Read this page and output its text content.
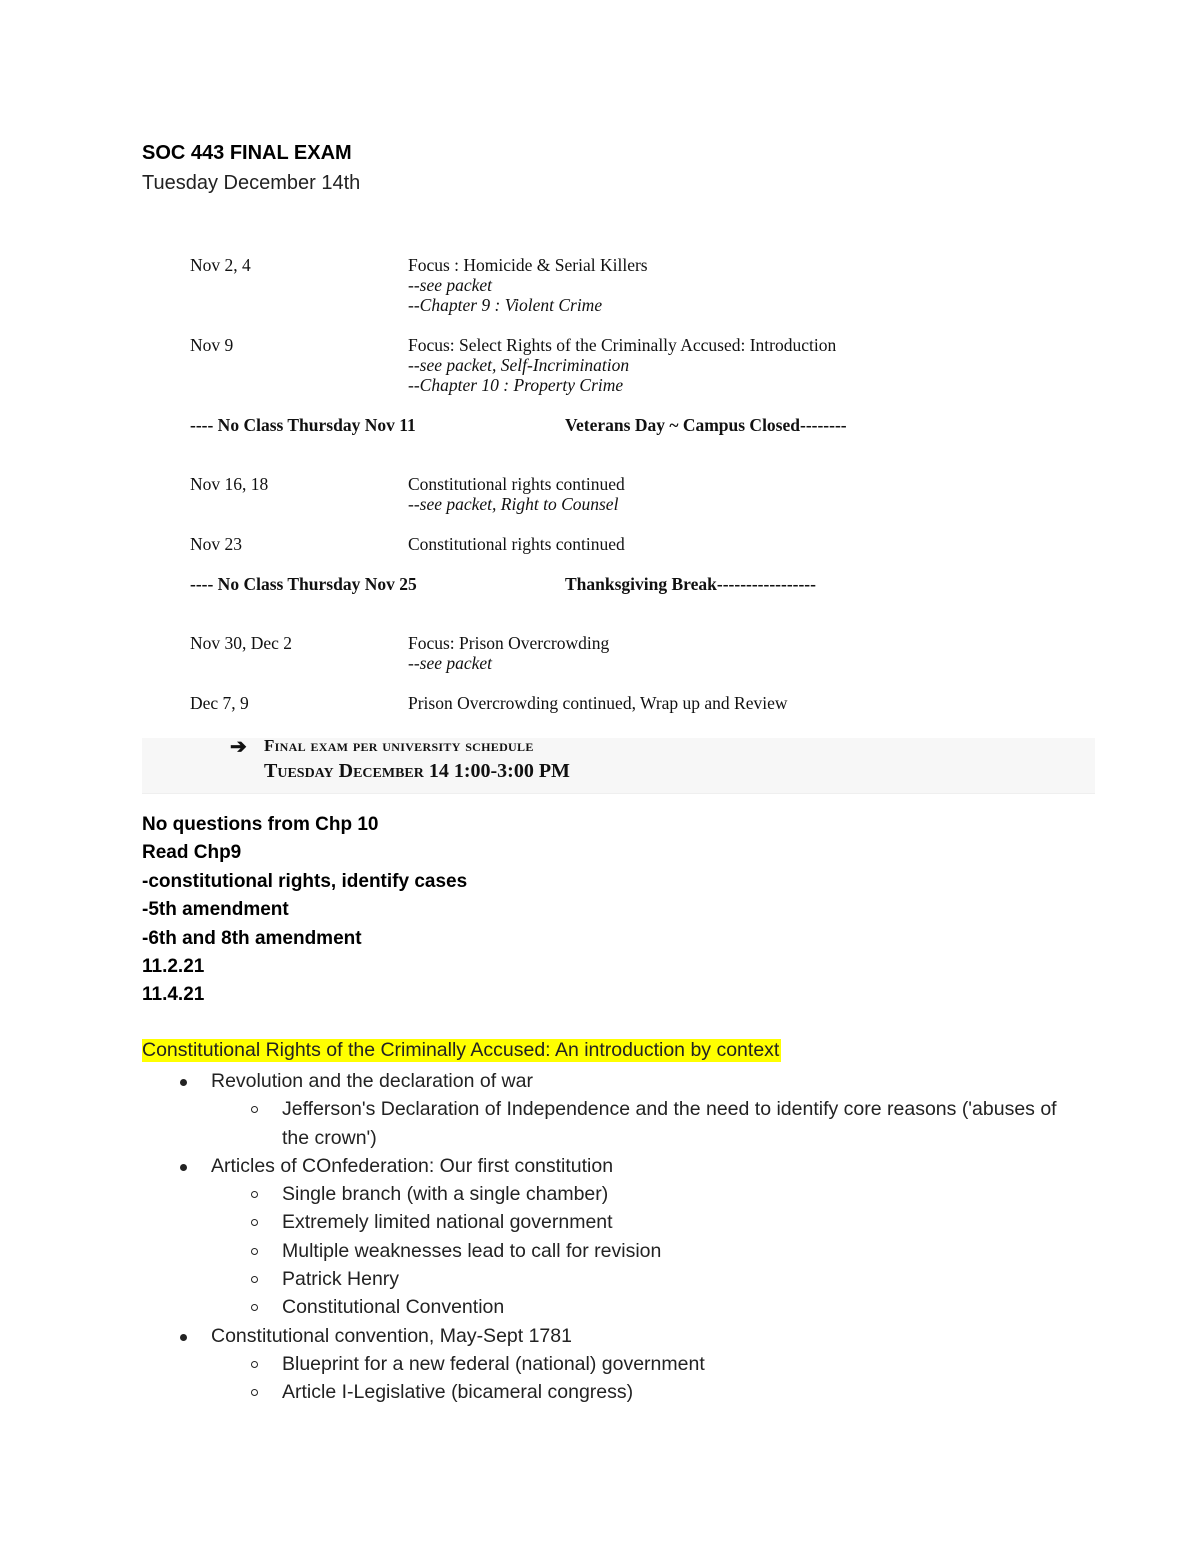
SOC 443 FINAL EXAM
Tuesday December 14th
Nov 2, 4	Focus : Homicide & Serial Killers
--see packet
--Chapter 9 : Violent Crime
Nov 9	Focus: Select Rights of the Criminally Accused: Introduction
--see packet, Self-Incrimination
--Chapter 10 : Property Crime
---- No Class Thursday Nov 11	Veterans Day ~ Campus Closed--------
Nov 16, 18	Constitutional rights continued
--see packet, Right to Counsel
Nov 23	Constitutional rights continued
---- No Class Thursday Nov 25	Thanksgiving Break-----------------
Nov 30, Dec 2	Focus: Prison Overcrowding
--see packet
Dec 7, 9	Prison Overcrowding continued, Wrap up and Review
➔ Final exam per university schedule
Tuesday December 14 1:00-3:00 PM
No questions from Chp 10
Read Chp9
-constitutional rights, identify cases
-5th amendment
-6th and 8th amendment
11.2.21
11.4.21
Constitutional Rights of the Criminally Accused: An introduction by context
Revolution and the declaration of war
Jefferson's Declaration of Independence and the need to identify core reasons ('abuses of the crown')
Articles of COnfederation: Our first constitution
Single branch (with a single chamber)
Extremely limited national government
Multiple weaknesses lead to call for revision
Patrick Henry
Constitutional Convention
Constitutional convention, May-Sept 1781
Blueprint for a new federal (national) government
Article I-Legislative (bicameral congress)
